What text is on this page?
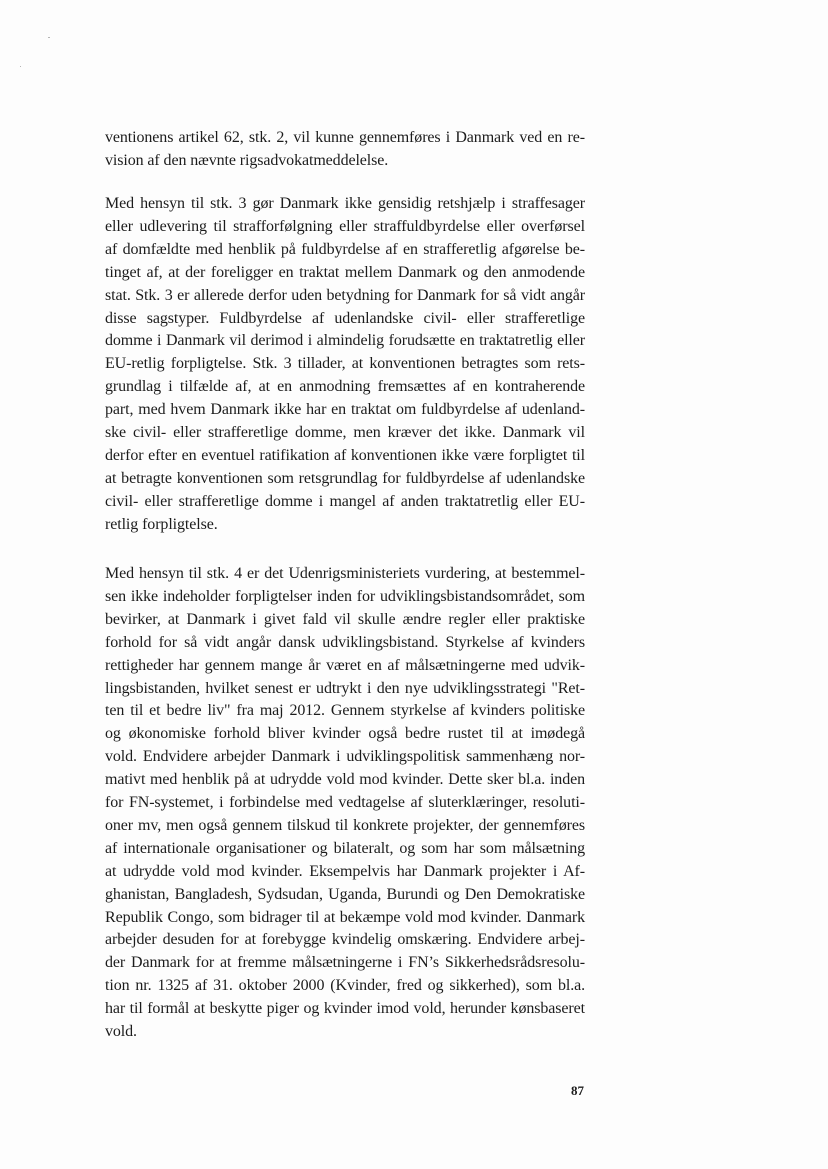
ventionens artikel 62, stk. 2, vil kunne gennemføres i Danmark ved en re-
vision af den nævnte rigsadvokatmeddelelse.
Med hensyn til stk. 3 gør Danmark ikke gensidig retshjælp i straffesager
eller udlevering til strafforfølgning eller straffuldbyrdelse eller overførsel
af domfældte med henblik på fuldbyrdelse af en strafferetlig afgørelse be-
tinget af, at der foreligger en traktat mellem Danmark og den anmodende
stat. Stk. 3 er allerede derfor uden betydning for Danmark for så vidt angår
disse sagstyper. Fuldbyrdelse af udenlandske civil- eller strafferetlige
domme i Danmark vil derimod i almindelig forudsætte en traktatretlig eller
EU-retlig forpligtelse. Stk. 3 tillader, at konventionen betragtes som rets-
grundlag i tilfælde af, at en anmodning fremsættes af en kontraherende
part, med hvem Danmark ikke har en traktat om fuldbyrdelse af udenland-
ske civil- eller strafferetlige domme, men kræver det ikke. Danmark vil
derfor efter en eventuel ratifikation af konventionen ikke være forpligtet til
at betragte konventionen som retsgrundlag for fuldbyrdelse af udenlandske
civil- eller strafferetlige domme i mangel af anden traktatretlig eller EU-
retlig forpligtelse.
Med hensyn til stk. 4 er det Udenrigsministeriets vurdering, at bestemmel-
sen ikke indeholder forpligtelser inden for udviklingsbistandsområdet, som
bevirker, at Danmark i givet fald vil skulle ændre regler eller praktiske
forhold for så vidt angår dansk udviklingsbistand. Styrkelse af kvinders
rettigheder har gennem mange år været en af målsætningerne med udvik-
lingsbistanden, hvilket senest er udtrykt i den nye udviklingsstrategi "Ret-
ten til et bedre liv" fra maj 2012. Gennem styrkelse af kvinders politiske
og økonomiske forhold bliver kvinder også bedre rustet til at imødegå
vold. Endvidere arbejder Danmark i udviklingspolitisk sammenhæng nor-
mativt med henblik på at udrydde vold mod kvinder. Dette sker bl.a. inden
for FN-systemet, i forbindelse med vedtagelse af sluterklæringer, resoluti-
oner mv, men også gennem tilskud til konkrete projekter, der gennemføres
af internationale organisationer og bilateralt, og som har som målsætning
at udrydde vold mod kvinder. Eksempelvis har Danmark projekter i Af-
ghanistan, Bangladesh, Sydsudan, Uganda, Burundi og Den Demokratiske
Republik Congo, som bidrager til at bekæmpe vold mod kvinder. Danmark
arbejder desuden for at forebygge kvindelig omskæring. Endvidere arbej-
der Danmark for at fremme målsætningerne i FN’s Sikkerhedsrådsresolu-
tion nr. 1325 af 31. oktober 2000 (Kvinder, fred og sikkerhed), som bl.a.
har til formål at beskytte piger og kvinder imod vold, herunder kønsbaseret
vold.
87
